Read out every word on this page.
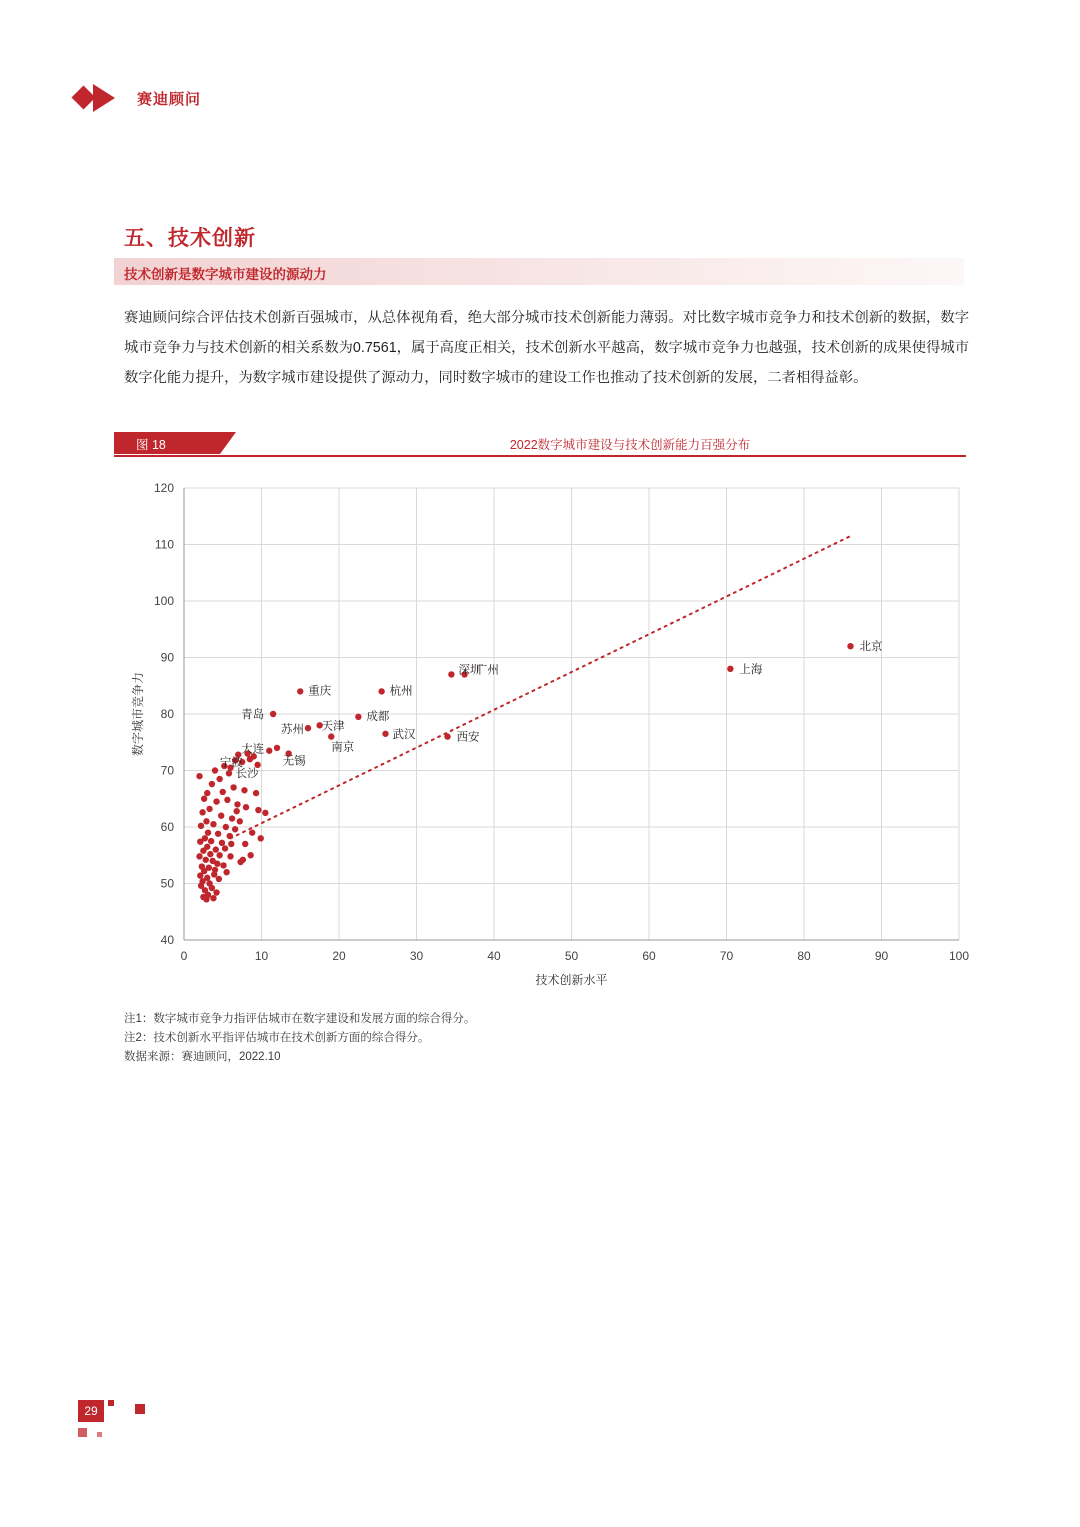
赛迪顾问
五、技术创新
技术创新是数字城市建设的源动力
赛迪顾问综合评估技术创新百强城市，从总体视角看，绝大部分城市技术创新能力薄弱。对比数字城市竞争力和技术创新的数据，数字城市竞争力与技术创新的相关系数为0.7561，属于高度正相关，技术创新水平越高，数字城市竞争力也越强，技术创新的成果使得城市数字化能力提升，为数字城市建设提供了源动力，同时数字城市的建设工作也推动了技术创新的发展，二者相得益彰。
图 18	2022数字城市建设与技术创新能力百强分布
40
50
60
70
80
90
100
110
120
0	10	20	30	40	50	60	70	80	90	100
技术创新水平
数字城市竞争力
北京
上海
深圳
广州
重庆	杭州
青岛	成都
天津
苏州
南京
武汉	西安
无锡
大连
长沙
宁波
注1：数字城市竞争力指评估城市在数字建设和发展方面的综合得分。
注2：技术创新水平指评估城市在技术创新方面的综合得分。
数据来源：赛迪顾问，2022.10
29
